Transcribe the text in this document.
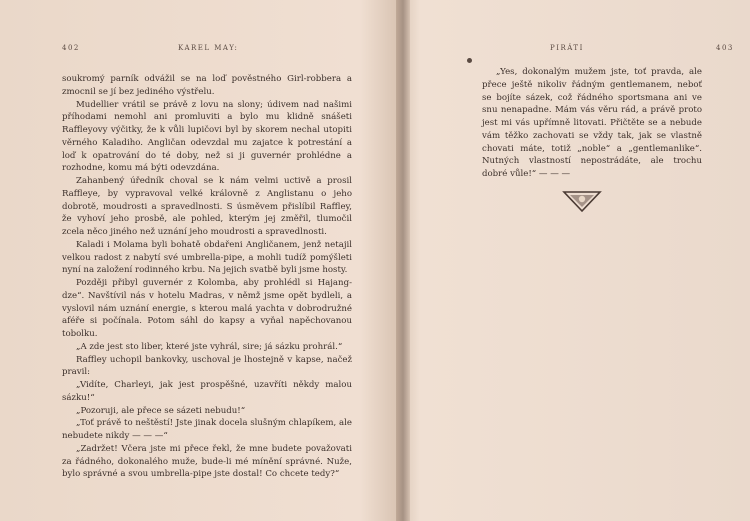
402	KAREL MAY:

soukromý parník odvážil se na loď pověstného Girl-robbera a zmocnil se jí bez jediného výstřelu.

Mudellier vrátil se právě z lovu na slony; údivem nad našimi příhodami nemohl ani promluviti a bylo mu klidně snášeti Raffleyovy výčitky, že k vůli lupičovi byl by skorem nechal utopiti věrného Kaladiho. Angličan odevzdal mu zajatce k potrestání a loď k opatrování do té doby, než si ji guvernér prohlédne a rozhodne, komu má býti odevzdána.

Zahanbený úředník choval se k nám velmi uctivě a prosil Raffleye, by vypravoval velké královně z Anglistanu o jeho dobrotě, moudrosti a spravedlnosti. S úsměvem přislíbil Raffley, že vyhoví jeho prosbě, ale pohled, kterým jej změřil, tlumočil zcela něco jiného než uznání jeho moudrosti a spravedlnosti.

Kaladi i Molama byli bohatě obdařeni Angličanem, jenž netajil velkou radost z nabytí své umbrella-pipe, a mohli tudíž pomýšleti nyní na založení rodinného krbu. Na jejich svatbě byli jsme hosty.

Později přibyl guvernér z Kolomba, aby prohlédl si Hajang-dze“. Navštívil nás v hotelu Madras, v němž jsme opět bydleli, a vyslovil nám uznání energie, s kterou malá yachta v dobrodružné aféře si počínala. Potom sáhl do kapsy a vyňal napěchovanou tobolku.

„A zde jest sto liber, které jste vyhrál, sire; já sázku prohrál.“

Raffley uchopil bankovky, uschoval je lhostejně v kapse, načež pravil:

„Vidíte, Charleyi, jak jest prospěšné, uzavříti někdy malou sázku!“

„Pozoruji, ale přece se sázeti nebudu!“

„Toť právě to neštěstí! Jste jinak docela slušným chlapíkem, ale nebudete nikdy — — —“

„Zadržet! Včera jste mi přece řekl, že mne budete považovati za řádného, dokonalého muže, bude-li mé mínění správné. Nuže, bylo správné a svou umbrella-pipe jste dostal! Co chcete tedy?“

PIRÁTI	403

„Yes, dokonalým mužem jste, toť pravda, ale přece ještě nikoliv řádným gentlemanem, neboť se bojíte sázek, což řádného sportsmana ani ve snu nenapadne. Mám vás věru rád, a právě proto jest mi vás upřímně litovati. Přičtěte se a nebude vám těžko zachovati se vždy tak, jak se vlastně chovati máte, totiž „noble“ a „gentlemanlike“. Nutných vlastností nepostrádáte, ale trochu dobré vůle!“ — — —
